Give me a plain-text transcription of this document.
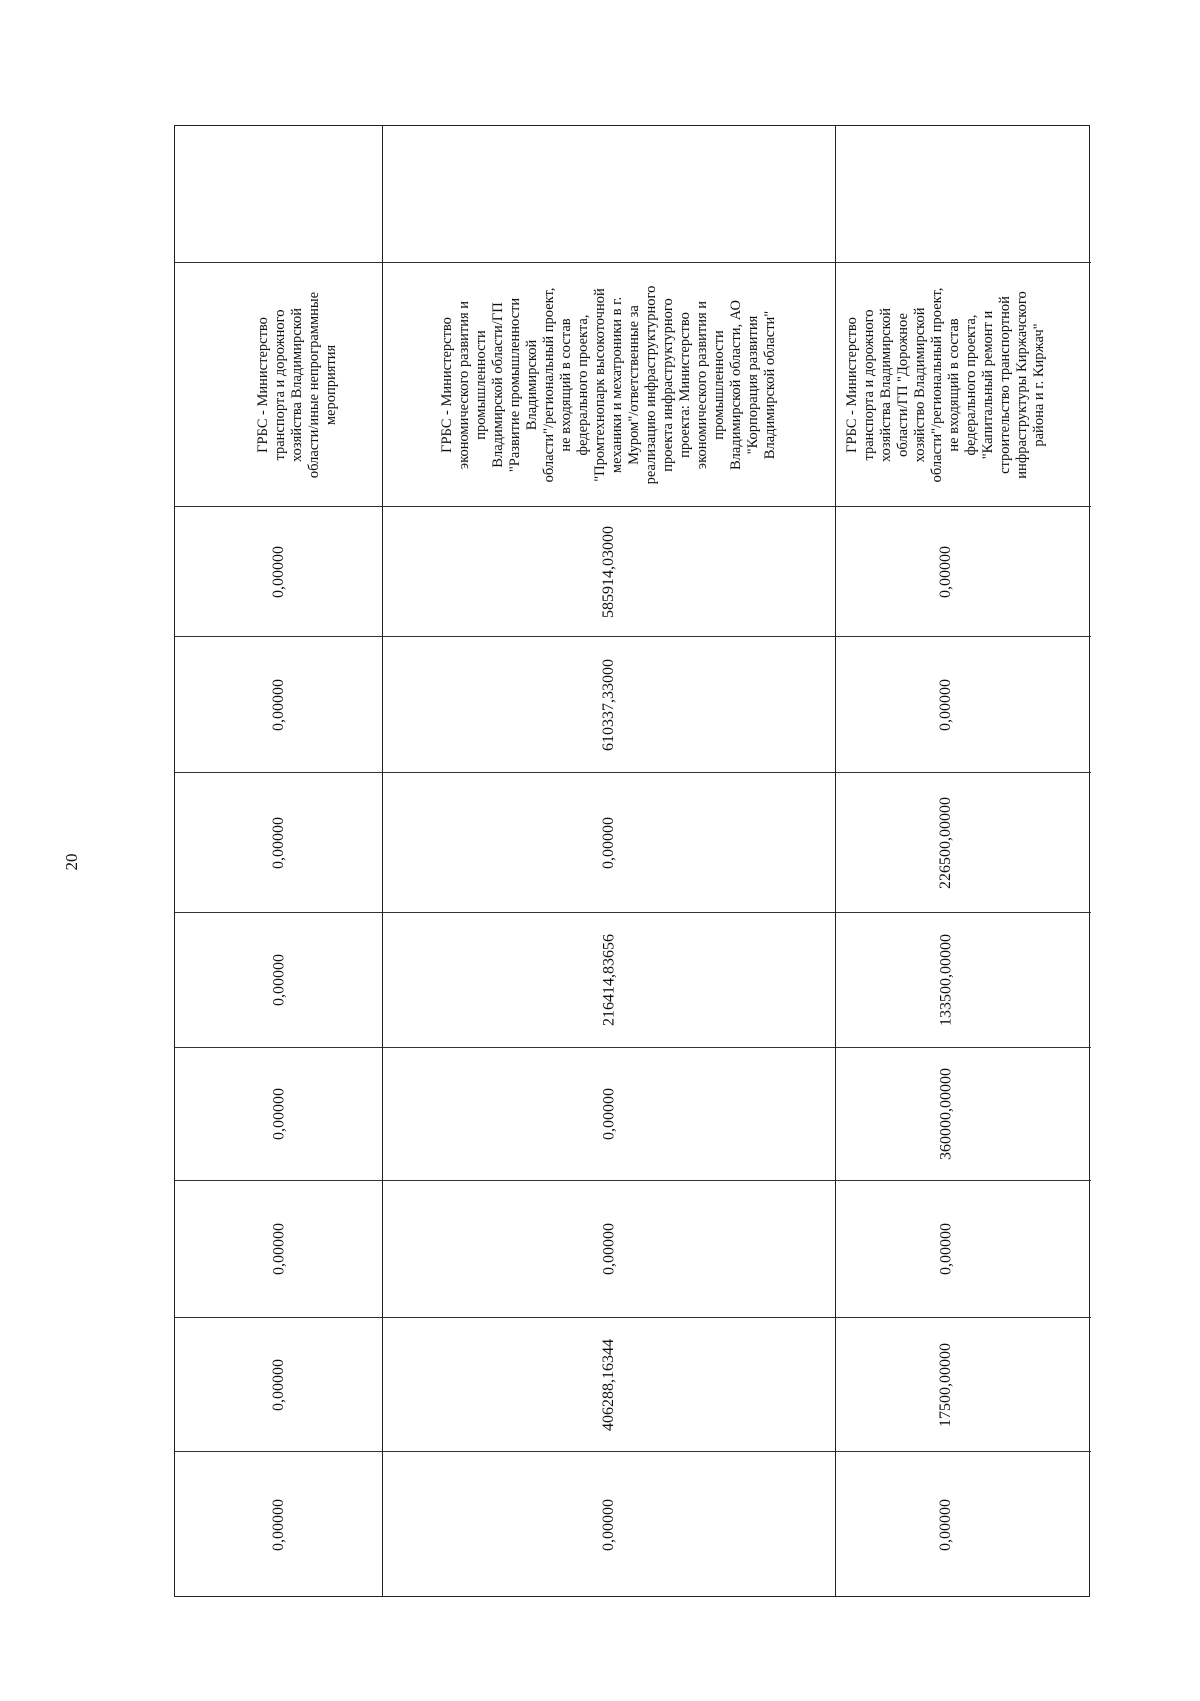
20
ГРБС - Министерство
транспорта и дорожного
хозяйства Владимирской
области/иные непрограммные
мероприятия
0,00000
0,00000
0,00000
0,00000
0,00000
0,00000
0,00000
0,00000
ГРБС - Министерство
экономического развития и
промышленности
Владимирской области/ГП
"Развитие промышленности
Владимирской
области"/региональный проект,
не входящий в состав
федерального проекта,
"Промтехнопарк высокоточной
механики и мехатроники в г.
Муром"/ответственные за
реализацию инфраструктурного
проекта инфраструктурного
проекта: Министерство
экономического развития и
промышленности
Владимирской области, АО
"Корпорация развития
Владимирской области"
585914,03000
610337,33000
0,00000
216414,83656
0,00000
0,00000
406288,16344
0,00000
ГРБС - Министерство
транспорта и дорожного
хозяйства Владимирской
области/ГП "Дорожное
хозяйство Владимирской
области"/региональный проект,
не входящий в состав
федерального проекта,
"Капитальный ремонт и
строительство транспортной
инфраструктуры Киржачского
района и г. Киржач"
0,00000
0,00000
226500,00000
133500,00000
360000,00000
0,00000
17500,00000
0,00000
